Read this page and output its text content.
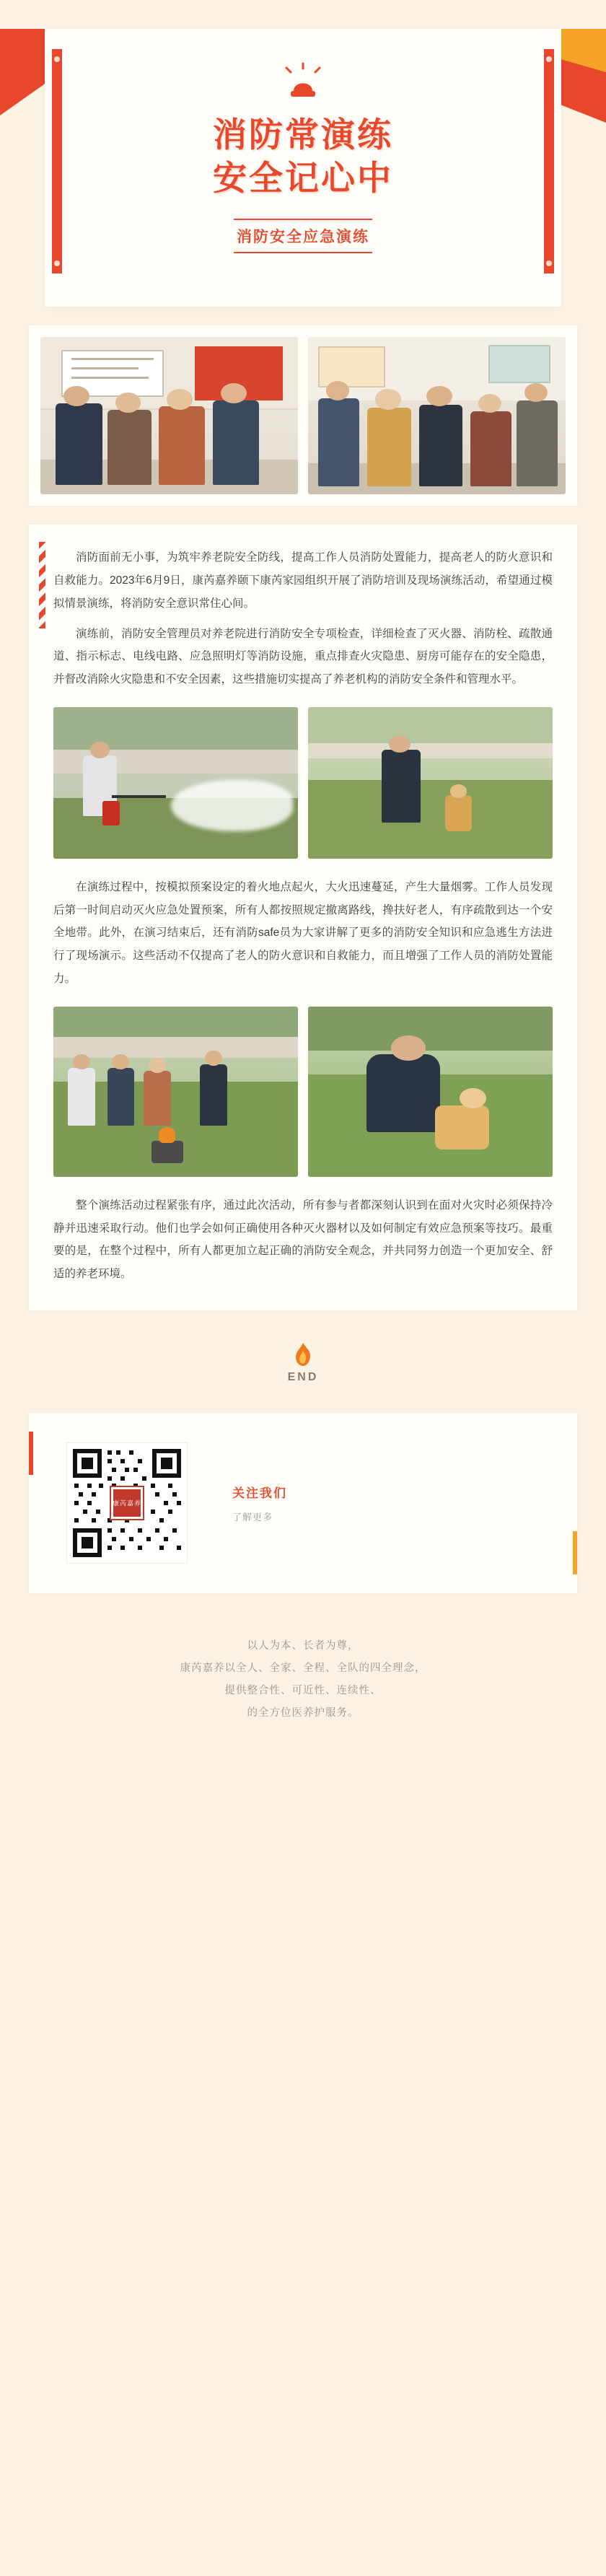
消防常演练
安全记心中
消防安全应急演练

消防面前无小事，为筑牢养老院安全防线，提高工作人员消防处置能力，提高老人的防火意识和自救能力。2023年6月9日，康芮嘉养颐下康芮家园组织开展了消防培训及现场演练活动，希望通过模拟情景演练，将消防安全意识常住心间。

演练前，消防安全管理员对养老院进行消防安全专项检查，详细检查了灭火器、消防栓、疏散通道、指示标志、电线电路、应急照明灯等消防设施，重点排查火灾隐患、厨房可能存在的安全隐患，并督改消除火灾隐患和不安全因素，这些措施切实提高了养老机构的消防安全条件和管理水平。

在演练过程中，按模拟预案设定的着火地点起火，大火迅速蔓延，产生大量烟雾。工作人员发现后第一时间启动灭火应急处置预案，所有人都按照规定撤离路线，搀扶好老人，有序疏散到达一个安全地带。此外，在演习结束后，还有消防safe员为大家讲解了更多的消防安全知识和应急逃生方法进行了现场演示。这些活动不仅提高了老人的防火意识和自救能力，而且增强了工作人员的消防处置能力。

整个演练活动过程紧张有序，通过此次活动，所有参与者都深刻认识到在面对火灾时必须保持冷静并迅速采取行动。他们也学会如何正确使用各种灭火器材以及如何制定有效应急预案等技巧。最重要的是，在整个过程中，所有人都更加立起正确的消防安全观念，并共同努力创造一个更加安全、舒适的养老环境。

END
康芮嘉养
关注我们
了解更多
以人为本、长者为尊，
康芮嘉养以全人、全家、全程、全队的四全理念，
提供整合性、可近性、连续性、
的全方位医养护服务。
